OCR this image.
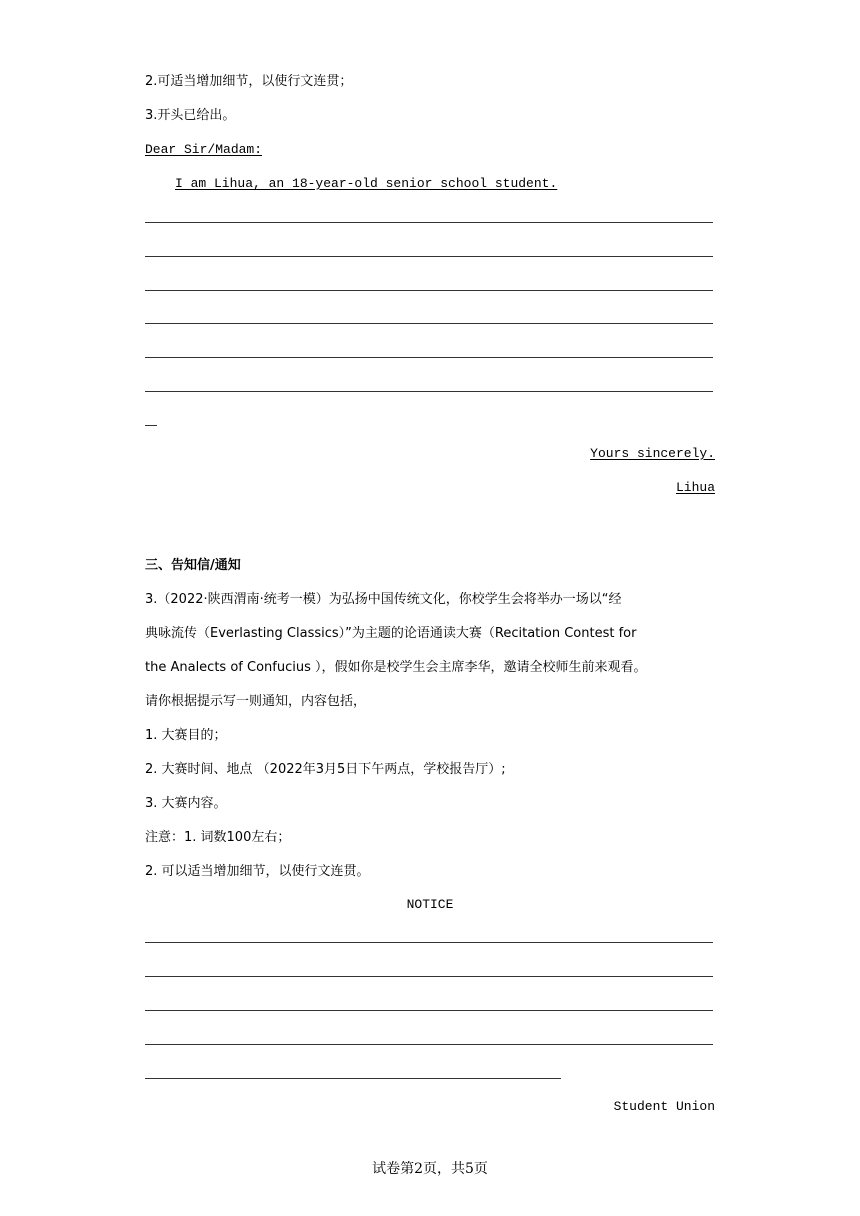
2.可适当增加细节，以使行文连贯；
3.开头已给出。
Dear Sir/Madam:
I am Lihua, an 18-year-old senior school student.
Yours sincerely.
Lihua
三、告知信/通知
3.（2022·陕西渭南·统考一模）为弘扬中国传统文化，你校学生会将举办一场以“经
典咏流传（Everlasting Classics）”为主题的论语通读大赛（Recitation Contest for
the Analects of Confucius ），假如你是校学生会主席李华，邀请全校师生前来观看。
请你根据提示写一则通知，内容包括，
1. 大赛目的；
2. 大赛时间、地点 （2022年3月5日下午两点，学校报告厅）;
3. 大赛内容。
注意：1. 词数100左右；
2. 可以适当增加细节，以使行文连贯。
NOTICE
Student Union
试卷第2页，共5页
